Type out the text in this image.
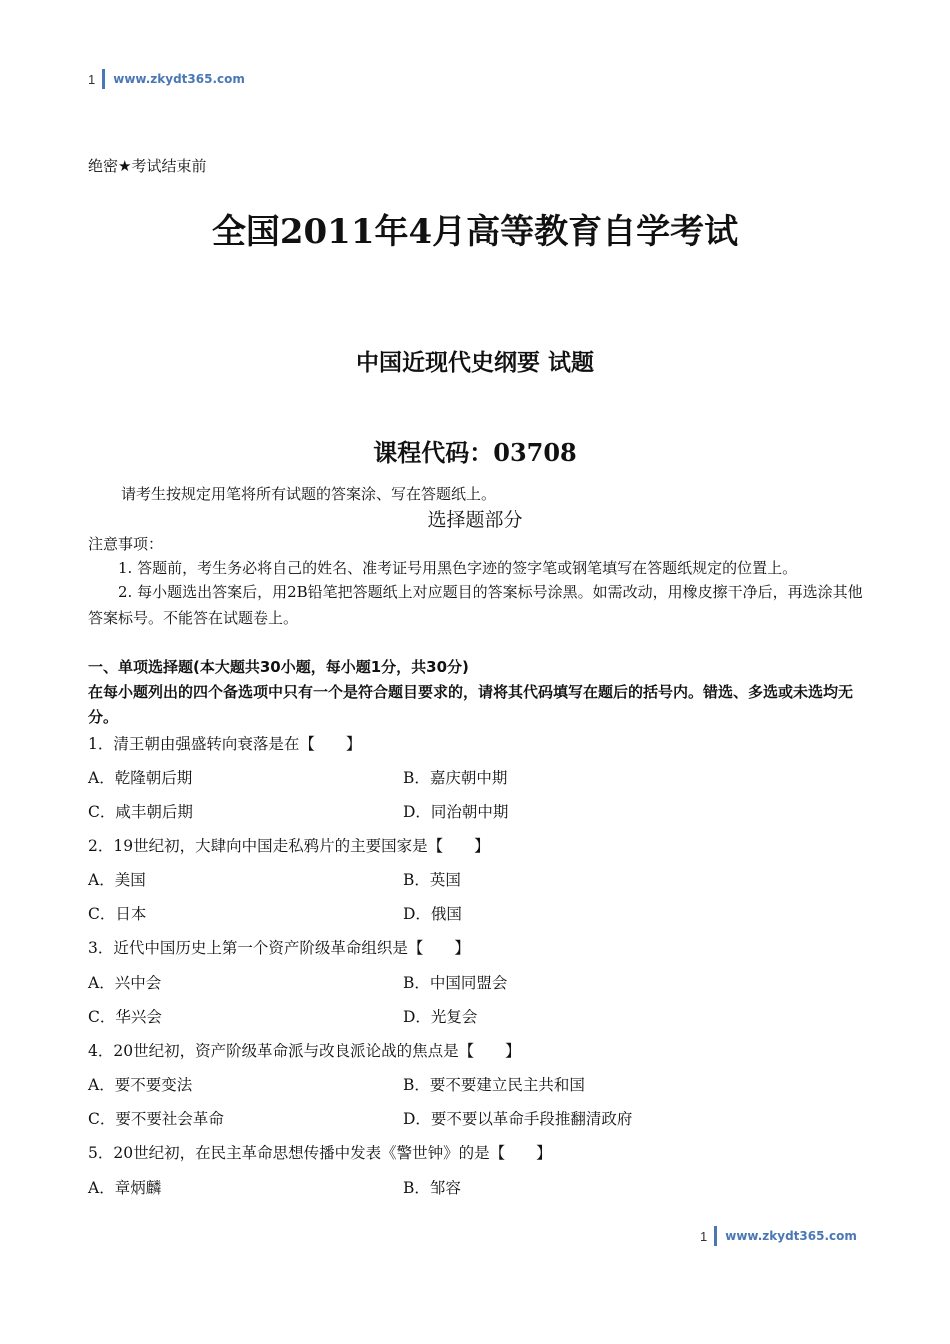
1 www.zkydt365.com
绝密★考试结束前
全国2011年4月高等教育自学考试
中国近现代史纲要 试题
课程代码：03708
请考生按规定用笔将所有试题的答案涂、写在答题纸上。
选择题部分
注意事项：
1. 答题前，考生务必将自己的姓名、准考证号用黑色字迹的签字笔或钢笔填写在答题纸规定的位置上。
2. 每小题选出答案后，用2B铅笔把答题纸上对应题目的答案标号涂黑。如需改动，用橡皮擦干净后，再选涂其他答案标号。不能答在试题卷上。
一、单项选择题(本大题共30小题，每小题1分，共30分)
在每小题列出的四个备选项中只有一个是符合题目要求的，请将其代码填写在题后的括号内。错选、多选或未选均无分。
1．清王朝由强盛转向衰落是在【　　】
A．乾隆朝后期	B．嘉庆朝中期
C．咸丰朝后期	D．同治朝中期
2．19世纪初，大肆向中国走私鸦片的主要国家是【　　】
A．美国	B．英国
C．日本	D．俄国
3．近代中国历史上第一个资产阶级革命组织是【　　】
A．兴中会	B．中国同盟会
C．华兴会	D．光复会
4．20世纪初，资产阶级革命派与改良派论战的焦点是【　　】
A．要不要变法	B．要不要建立民主共和国
C．要不要社会革命	D．要不要以革命手段推翻清政府
5．20世纪初，在民主革命思想传播中发表《警世钟》的是【　　】
A．章炳麟	B．邹容
1 www.zkydt365.com
